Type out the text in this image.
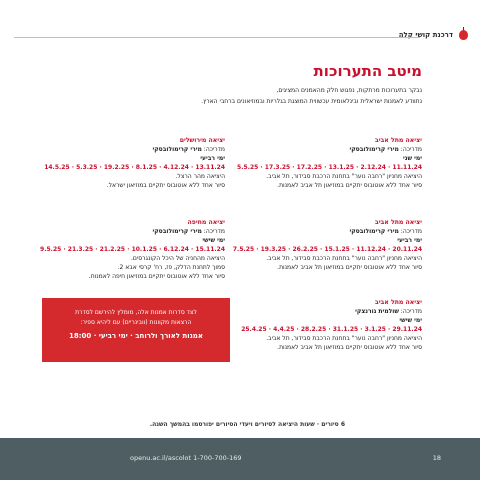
דרכנת קושי קלה
מיטב התערוכות
נבקר בתערוכות מרתקות, נפגוש חלק מהאמנים המציגים,
נתוודע לאמנות ישראלית ובינלאומית עכשווית המוצגת בגלריות ובמוזיאונים ברחבי הארץ.

יציאה מתל אביב

מדריכה: מירי קרימולובסקי

ימי שני

11.11.24 · 2.12.24 · 13.1.25 · 17.2.25 · 17.3.25 · 5.5.25

היציאה מחניון "רחבה נוער" בתחנת הרכבת סבידור, תל אביב.

סיור אחד ללא אוטובוס יתקיים במוזיאון תל אביב לאמנות.

יציאה מירושלים

מדריכה: מירי קרימולובסקי

ימי רביעי

13.11.24 · 4.12.24 · 8.1.25 · 19.2.25 · 5.3.25 · 14.5.25

היציאה מהר הרצל.

סיור אחד ללא אוטובוס יתקיים במוזיאון ישראל.

יציאה מתל אביב

מדריכה: מירי קרימולובסקי

ימי רביעי

20.11.24 · 11.12.24 · 15.1.25 · 26.2.25 · 19.3.25 · 7.5.25

היציאה מחניון "רחבה נוער" בתחנת הרכבת סבידור, תל אביב.

סיור אחד ללא אוטובוס יתקיים במוזיאון תל אביב לאמנות.

יציאה מחיפה

מדריכה: מירי קרימולובסקי

ימי שישי

15.11.24 · 6.12.24 · 10.1.25 · 21.2.25 · 21.3.25 · 9.5.25

היציאה מהחניה של היכל הקונגרסים.

סמוך לתחנת הדלק, פז, רח' קרסי אבא 2.

סיור אחד ללא אוטובוס יתקיים במוזיאון חיפה לאמנות.

יציאה מתל אביב

מדריכה: שולמית גורנצקי

ימי שישי

29.11.24 · 3.1.25 · 31.1.25 · 28.2.25 · 4.4.25 · 25.4.25

היציאה מחניון "רחבה נוער" בתחנת הרכבת סבידור, תל אביב.

סיור אחד ללא אוטובוס יתקיים במוזיאון תל אביב לאמנות.

לצד סדרות אמנות אלה, מומלץ להירשם לסדרת
הרצאות מקוונות (וובינריים) עם ליהיא ספיר:
אמנות לאורך ולרוחב · ימי רביעי · 18:00
6 סיורים · שעות היציאה לסיורים ויעדי הסיורים יפורסמו בהמשך השנה.
openu.ac.il/ascolot 1-700-700-169	18
